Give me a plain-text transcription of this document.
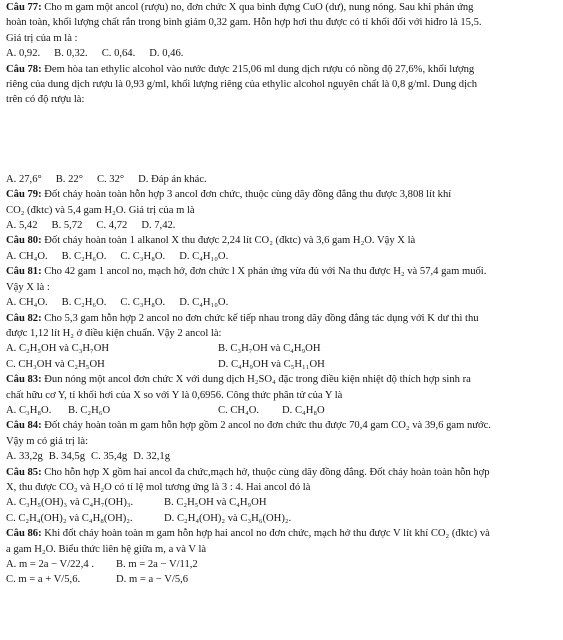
Câu 77: Cho m gam một ancol (rượu) no, đơn chức X qua bình đựng CuO (dư), nung nóng. Sau khi phản ứng
hoàn toàn, khối lượng chất rắn trong bình giảm 0,32 gam. Hỗn hợp hơi thu được có tỉ khối đối với hiđro là 15,5.
Giá trị của m là :
A. 0,92. B. 0,32. C. 0,64. D. 0,46.
Câu 78: Đem hòa tan ethylic alcohol vào nước được 215,06 ml dung dịch rượu có nồng độ 27,6%, khối lượng
riêng của dung dịch rượu là 0,93 g/ml, khối lượng riêng của ethylic alcohol nguyên chất là 0,8 g/ml. Dung dịch
trên có độ rượu là:
A. 27,6° B. 22° C. 32° D. Đáp án khác.
Câu 79: Đốt cháy hoàn toàn hỗn hợp 3 ancol đơn chức, thuộc cùng dãy đồng đẳng thu được 3,808 lít khí
CO₂ (đktc) và 5,4 gam H₂O. Giá trị của m là
A. 5,42 B. 5,72 C. 4,72 D. 7,42.
Câu 80: Đốt cháy hoàn toàn 1 alkanol X thu được 2,24 lít CO₂ (đktc) và 3,6 gam H₂O. Vậy X là
A. CH₄O. B. C₂H₆O. C. C₃H₈O. D. C₄H₁₀O.
Câu 81: Cho 42 gam 1 ancol no, mạch hở, đơn chức l X phản ứng vừa đủ với Na thu được H₂ và 57,4 gam muối.
Vậy X là :
A. CH₄O. B. C₂H₆O. C. C₃H₈O. D. C₄H₁₀O.
Câu 82: Cho 5,3 gam hỗn hợp 2 ancol no đơn chức kế tiếp nhau trong dãy đồng đẳng tác dụng với K dư thì thu
được 1,12 lít H₂ ở điều kiện chuẩn. Vậy 2 ancol là:
A. C₂H₅OH và C₃H₇OH	B. C₃H₇OH và C₄H₉OH
C. CH₃OH và C₂H₅OH	D. C₄H₉OH và C₅H₁₁OH
Câu 83: Đun nóng một ancol đơn chức X với dung dịch H₂SO₄ đặc trong điều kiện nhiệt độ thích hợp sinh ra
chất hữu cơ Y, tỉ khối hơi của X so với Y là 0,6956. Công thức phân tử của Y là
A. C₃H₈O.	B. C₂H₆O	C. CH₄O.	D. C₄H₈O
Câu 84: Đốt cháy hoàn toàn m gam hỗn hợp gồm 2 ancol no đơn chức thu được 70,4 gam CO₂ và 39,6 gam nước.
Vậy m có giá trị là:
A. 33,2g B. 34,5g C. 35,4g D. 32,1g
Câu 85: Cho hỗn hợp X gồm hai ancol đa chức,mạch hở, thuộc cùng dãy đồng đẳng. Đốt cháy hoàn toàn hỗn hợp
X, thu được CO₂ và H₂O có tỉ lệ mol tương ứng là 3 : 4. Hai ancol đó là
A. C₃H₅(OH)₃ và C₄H₇(OH)₃.	B. C₂H₅OH và C₄H₉OH
C. C₂H₄(OH)₂ và C₄H₈(OH)₂.	D. C₂H₄(OH)₂ và C₃H₆(OH)₂.
Câu 86: Khi đốt cháy hoàn toàn m gam hỗn hợp hai ancol no đơn chức, mạch hở thu được V lít khí CO₂ (đktc) và
a gam H₂O. Biểu thức liên hệ giữa m, a và V là
A. m = 2a − V/22,4 .	B. m = 2a − V/11,2
C. m = a + V/5,6.	D. m = a − V/5,6
